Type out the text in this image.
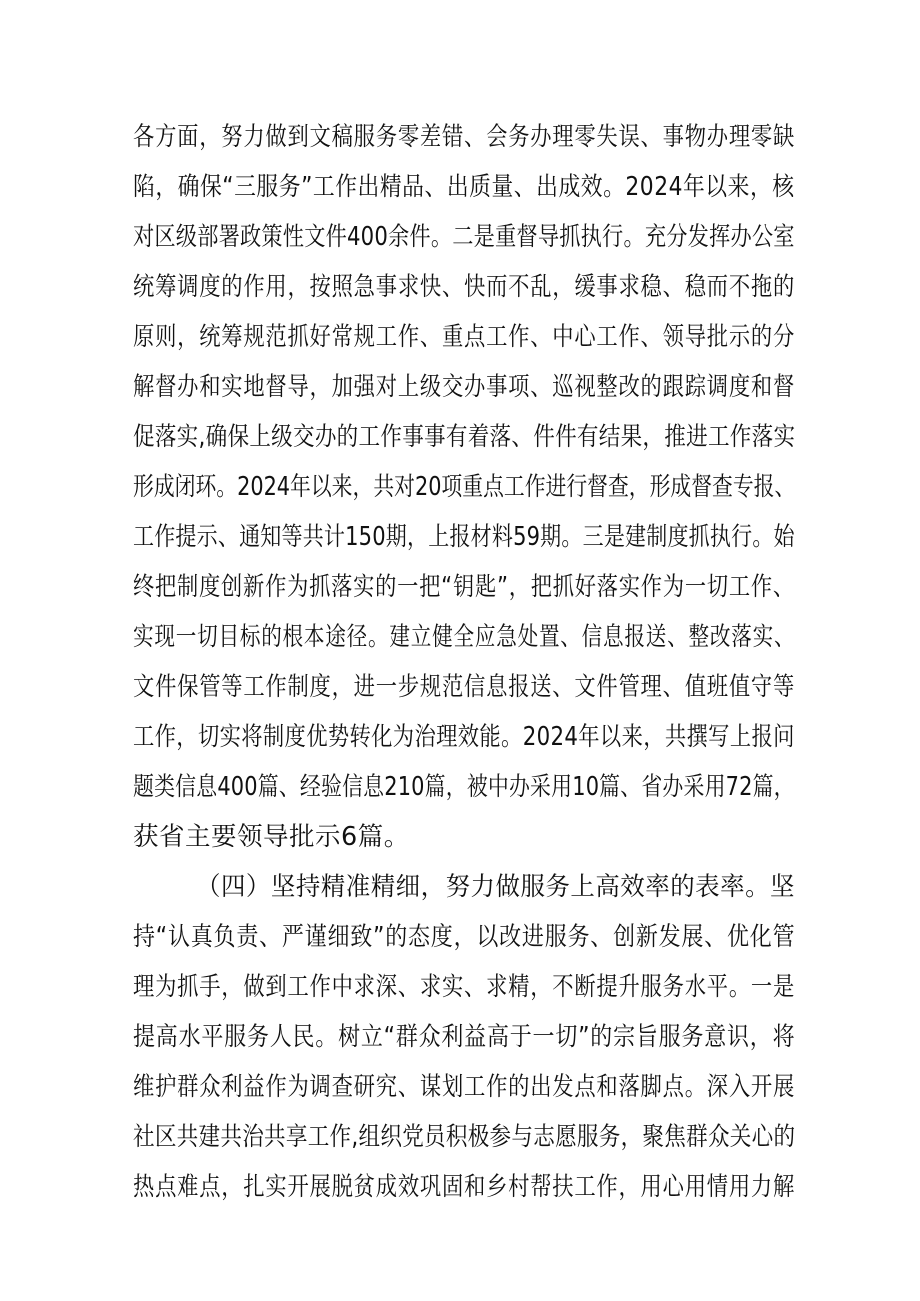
各方面，努力做到文稿服务零差错、会务办理零失误、事物办理零缺
陷，确保“三服务”工作出精品、出质量、出成效。2024年以来，核
对区级部署政策性文件400余件。二是重督导抓执行。充分发挥办公室
统筹调度的作用，按照急事求快、快而不乱，缓事求稳、稳而不拖的
原则，统筹规范抓好常规工作、重点工作、中心工作、领导批示的分
解督办和实地督导，加强对上级交办事项、巡视整改的跟踪调度和督
促落实,确保上级交办的工作事事有着落、件件有结果，推进工作落实
形成闭环。2024年以来，共对20项重点工作进行督查，形成督查专报、
工作提示、通知等共计150期，上报材料59期。三是建制度抓执行。始
终把制度创新作为抓落实的一把“钥匙”，把抓好落实作为一切工作、
实现一切目标的根本途径。建立健全应急处置、信息报送、整改落实、
文件保管等工作制度，进一步规范信息报送、文件管理、值班值守等
工作，切实将制度优势转化为治理效能。2024年以来，共撰写上报问
题类信息400篇、经验信息210篇，被中办采用10篇、省办采用72篇，
获省主要领导批示6篇。
（四）坚持精准精细，努力做服务上高效率的表率。坚
持“认真负责、严谨细致”的态度，以改进服务、创新发展、优化管
理为抓手，做到工作中求深、求实、求精，不断提升服务水平。一是
提高水平服务人民。树立“群众利益高于一切”的宗旨服务意识，将
维护群众利益作为调查研究、谋划工作的出发点和落脚点。深入开展
社区共建共治共享工作,组织党员积极参与志愿服务，聚焦群众关心的
热点难点，扎实开展脱贫成效巩固和乡村帮扶工作，用心用情用力解
